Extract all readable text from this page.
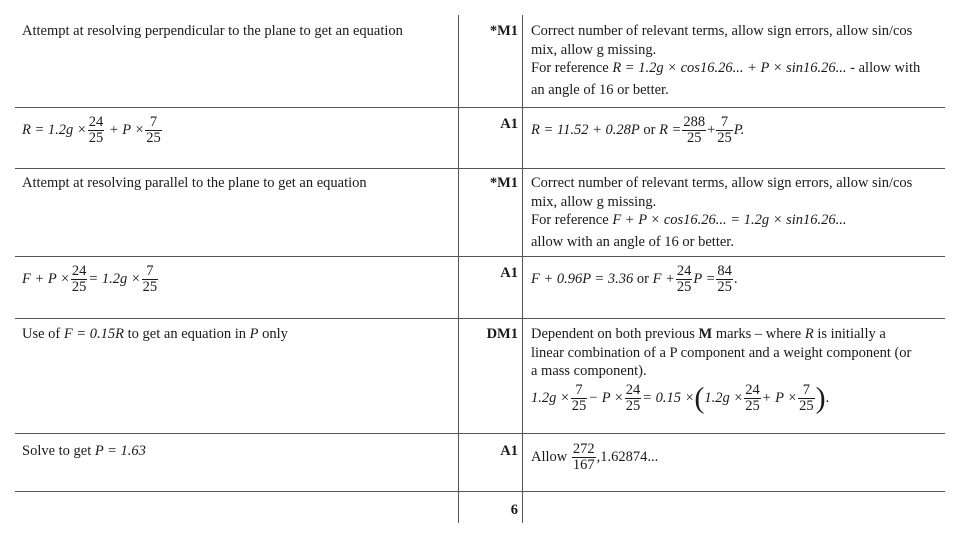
Attempt at resolving perpendicular to the plane to get an equation	*M1 Correct number of relevant terms, allow sign errors, allow sin/cos
mix, allow g missing.
For reference R = 1.2g × cos16.26... + P × sin16.26... - allow with
an angle of 16 or better.
$R = 1.2g \times \frac{24}{25} + P \times \frac{7}{25}$	A1 R = 11.52 + 0.28P or $R = \frac{288}{25} + \frac{7}{25} P$.
Attempt at resolving parallel to the plane to get an equation	*M1 Correct number of relevant terms, allow sign errors, allow sin/cos
mix, allow g missing.
For reference F + P × cos16.26... = 1.2g × sin16.26...
allow with an angle of 16 or better.
$F + P \times \frac{24}{25} = 1.2g \times \frac{7}{25}$	A1 F + 0.96P = 3.36 or $F + \frac{24}{25}$ $P = \frac{84}{25}$ .
Use of F = 0.15R to get an equation in P only	DM1 Dependent on both previous M marks – where R is initially a
linear combination of a P component and a weight component (or
a mass component).
$1.2g \times \frac{7}{25} - P \times \frac{24}{25} = 0.15 \times(1.2g \times \frac{24}{25} + P \times \frac{7}{25}$ ).
Solve to get P = 1.63	A1 Allow $\frac{272}{167} ,1.62874$...
6
